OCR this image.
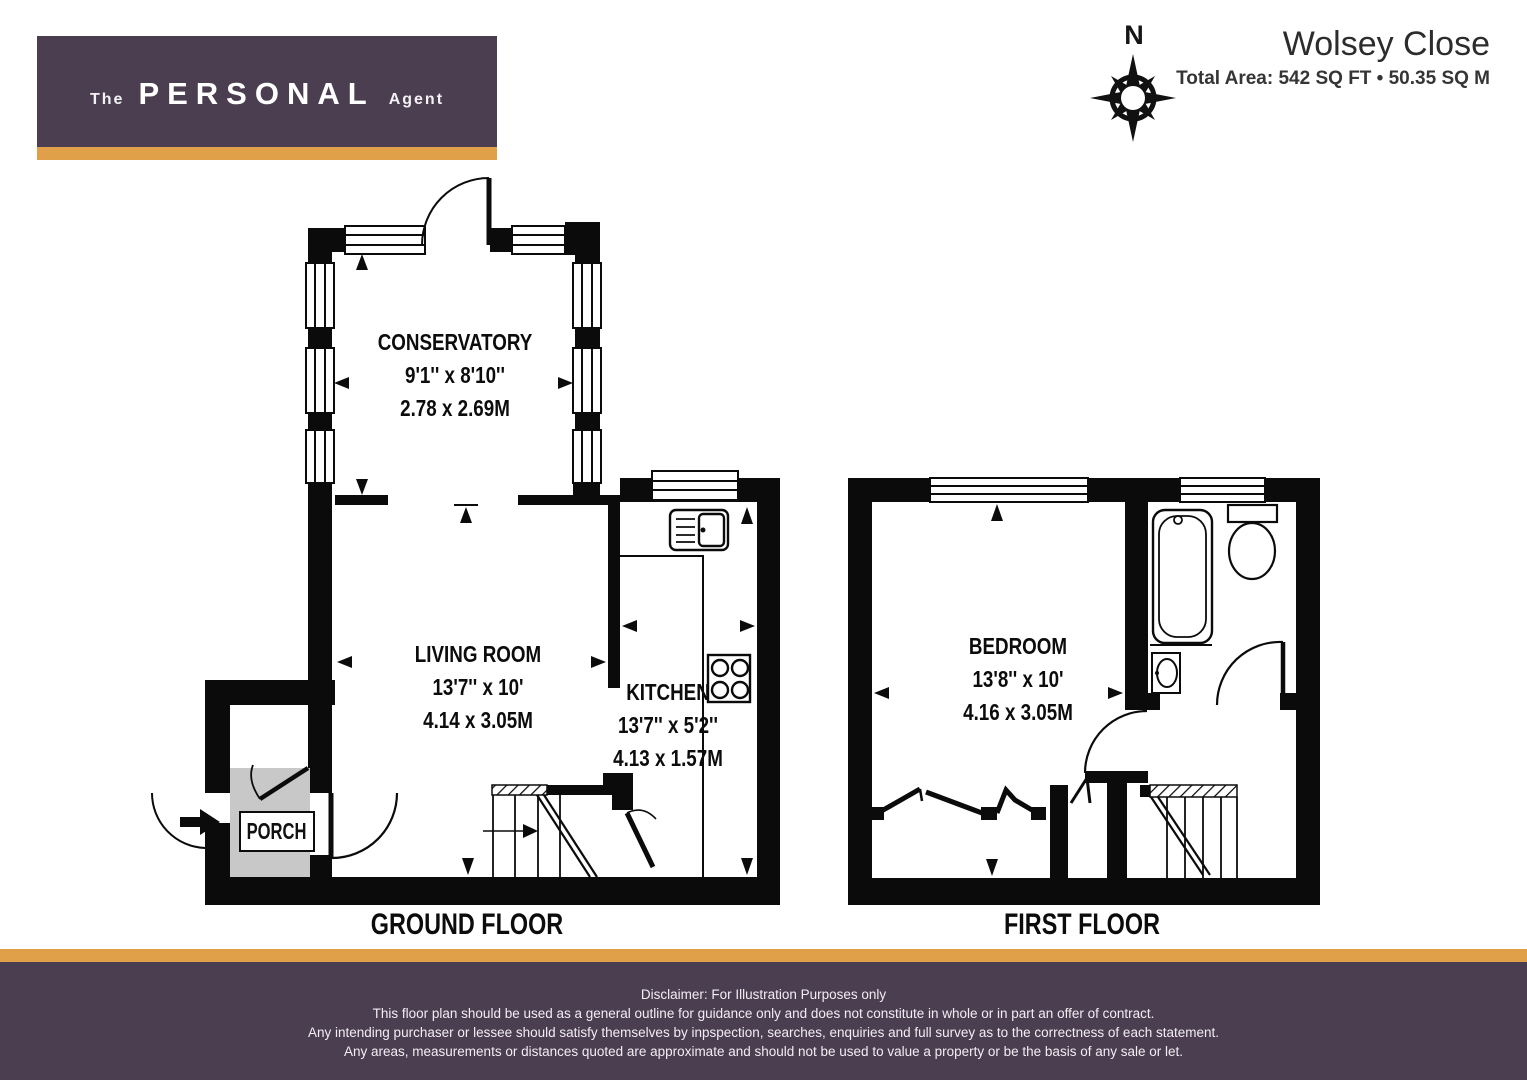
The PERSONAL Agent
N	Wolsey Close
Total Area: 542 SQ FT • 50.35 SQ M
CONSERVATORY
9'1'' x 8'10''
2.78 x 2.69M
LIVING ROOM
13'7'' x 10'
4.14 x 3.05M
KITCHEN
13'7'' x 5'2''
4.13 x 1.57M
PORCH
BEDROOM
13'8'' x 10'
4.16 x 3.05M
GROUND FLOOR	FIRST FLOOR
Disclaimer: For Illustration Purposes only
This floor plan should be used as a general outline for guidance only and does not constitute in whole or in part an offer of contract.
Any intending purchaser or lessee should satisfy themselves by inpspection, searches, enquiries and full survey as to the correctness of each statement.
Any areas, measurements or distances quoted are approximate and should not be used to value a property or be the basis of any sale or let.
